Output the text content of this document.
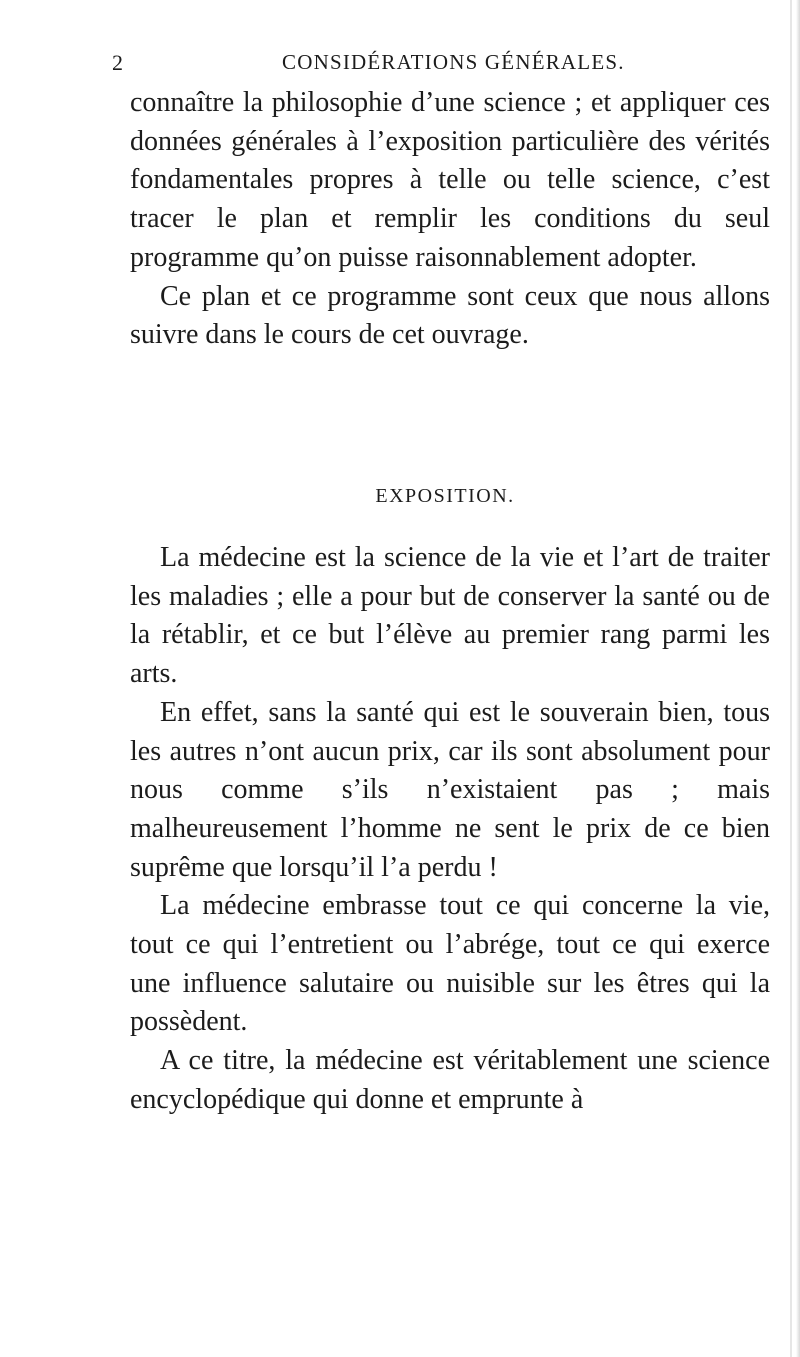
2	CONSIDÉRATIONS GÉNÉRALES.

connaître la philosophie d’une science ; et appliquer ces données générales à l’exposition particulière des vérités fondamentales propres à telle ou telle science, c’est tracer le plan et remplir les conditions du seul programme qu’on puisse raisonnablement adopter.

Ce plan et ce programme sont ceux que nous allons suivre dans le cours de cet ouvrage.

EXPOSITION.

La médecine est la science de la vie et l’art de traiter les maladies ; elle a pour but de conserver la santé ou de la rétablir, et ce but l’élève au premier rang parmi les arts.

En effet, sans la santé qui est le souverain bien, tous les autres n’ont aucun prix, car ils sont absolument pour nous comme s’ils n’existaient pas ; mais malheureusement l’homme ne sent le prix de ce bien suprême que lorsqu’il l’a perdu !

La médecine embrasse tout ce qui concerne la vie, tout ce qui l’entretient ou l’abrége, tout ce qui exerce une influence salutaire ou nuisible sur les êtres qui la possèdent.

A ce titre, la médecine est véritablement une science encyclopédique qui donne et emprunte à
